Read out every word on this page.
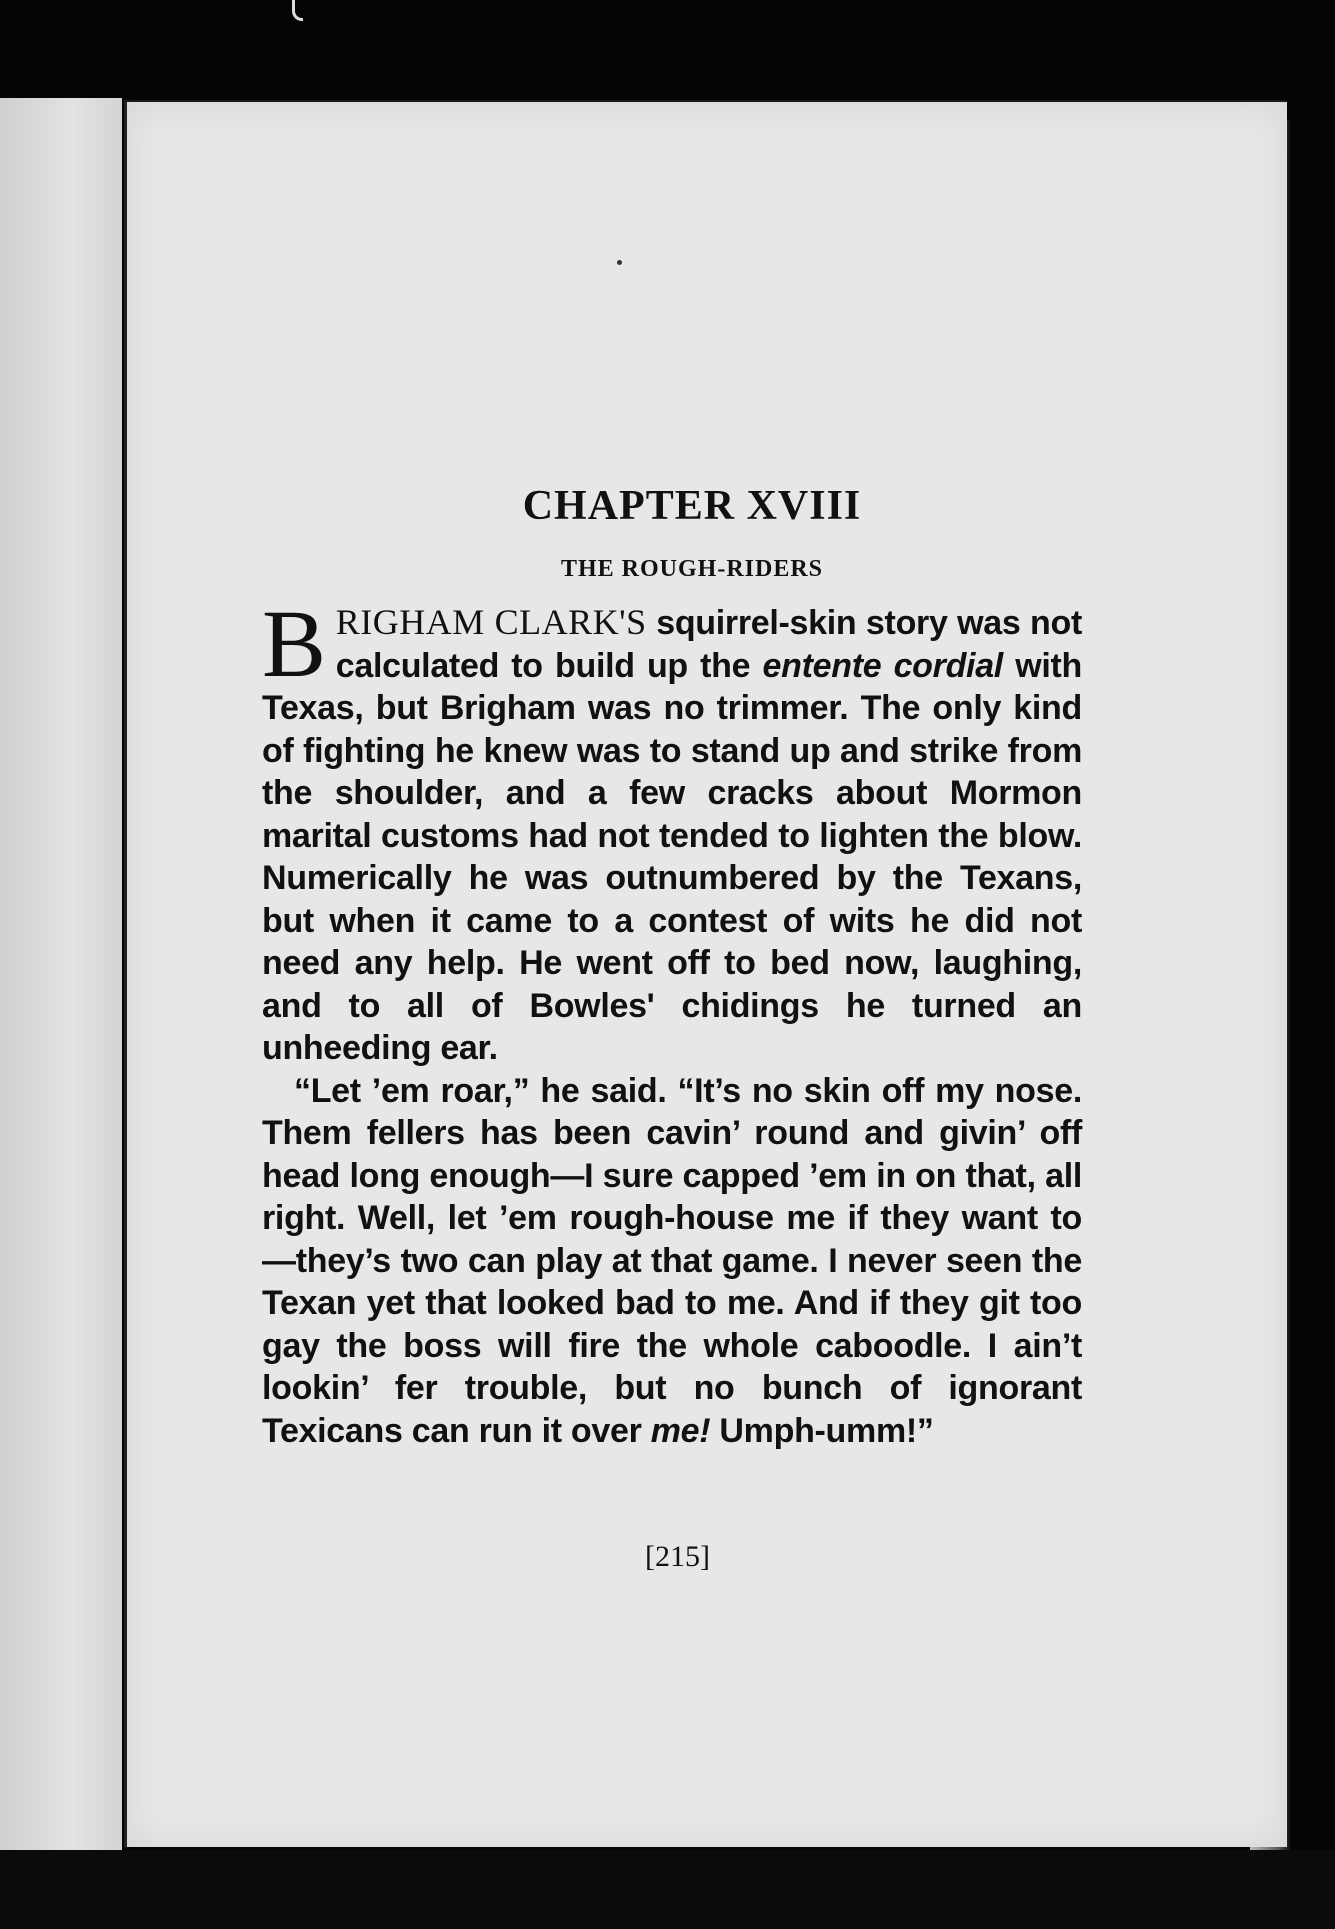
CHAPTER XVIII
THE ROUGH-RIDERS

BRIGHAM CLARK'S squirrel-skin story was not calculated to build up the entente cordial with Texas, but Brigham was no trimmer. The only kind of fighting he knew was to stand up and strike from the shoulder, and a few cracks about Mormon marital customs had not tended to lighten the blow. Numerically he was outnumbered by the Texans, but when it came to a contest of wits he did not need any help. He went off to bed now, laughing, and to all of Bowles' chidings he turned an unheeding ear.

“Let ’em roar,” he said. “It’s no skin off my nose. Them fellers has been cavin’ round and givin’ off head long enough—I sure capped ’em in on that, all right. Well, let ’em rough-house me if they want to—they’s two can play at that game. I never seen the Texan yet that looked bad to me. And if they git too gay the boss will fire the whole caboodle. I ain’t lookin’ fer trouble, but no bunch of ignorant Texicans can run it over me! Umph-umm!”

[215]
